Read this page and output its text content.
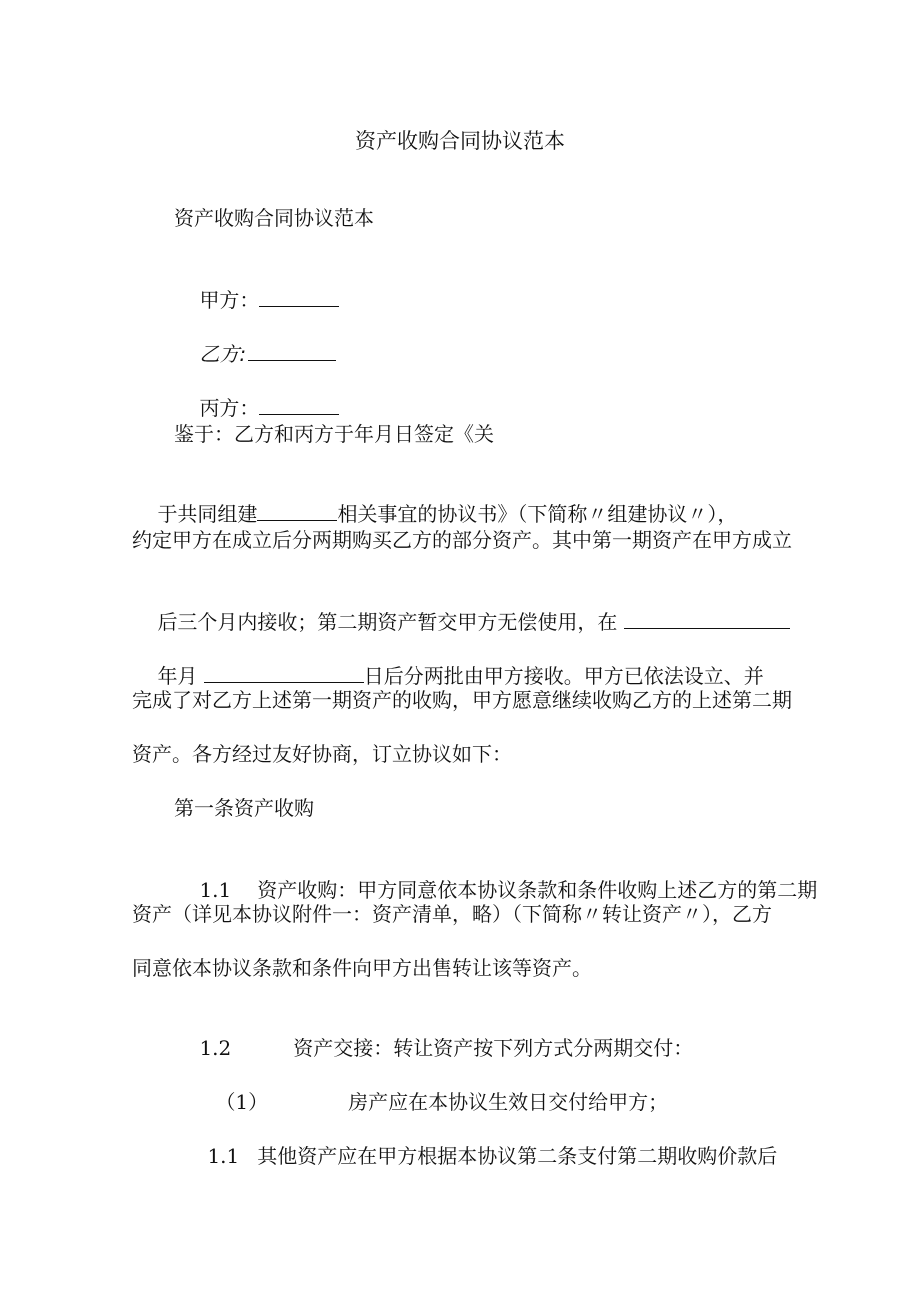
资产收购合同协议范本
资产收购合同协议范本

甲方：

乙方:

丙方：

鉴于：乙方和丙方于年月日签定《关

于共同组建	相关事宜的协议书》（下简称〃组建协议〃），

约定甲方在成立后分两期购买乙方的部分资产。其中第一期资产在甲方成立

后三个月内接收；第二期资产暂交甲方无偿使用，在

年月	日后分两批由甲方接收。甲方已依法设立、并

完成了对乙方上述第一期资产的收购，甲方愿意继续收购乙方的上述第二期
资产。各方经过友好协商，订立协议如下：
第一条资产收购

1.1 资产收购：甲方同意依本协议条款和条件收购上述乙方的第二期

资产（详见本协议附件一：资产清单，略）（下简称〃转让资产〃），乙方
同意依本协议条款和条件向甲方出售转让该等资产。

1.2	资产交接：转让资产按下列方式分两期交付：

（1）	房产应在本协议生效日交付给甲方；

1.1 其他资产应在甲方根据本协议第二条支付第二期收购价款后
